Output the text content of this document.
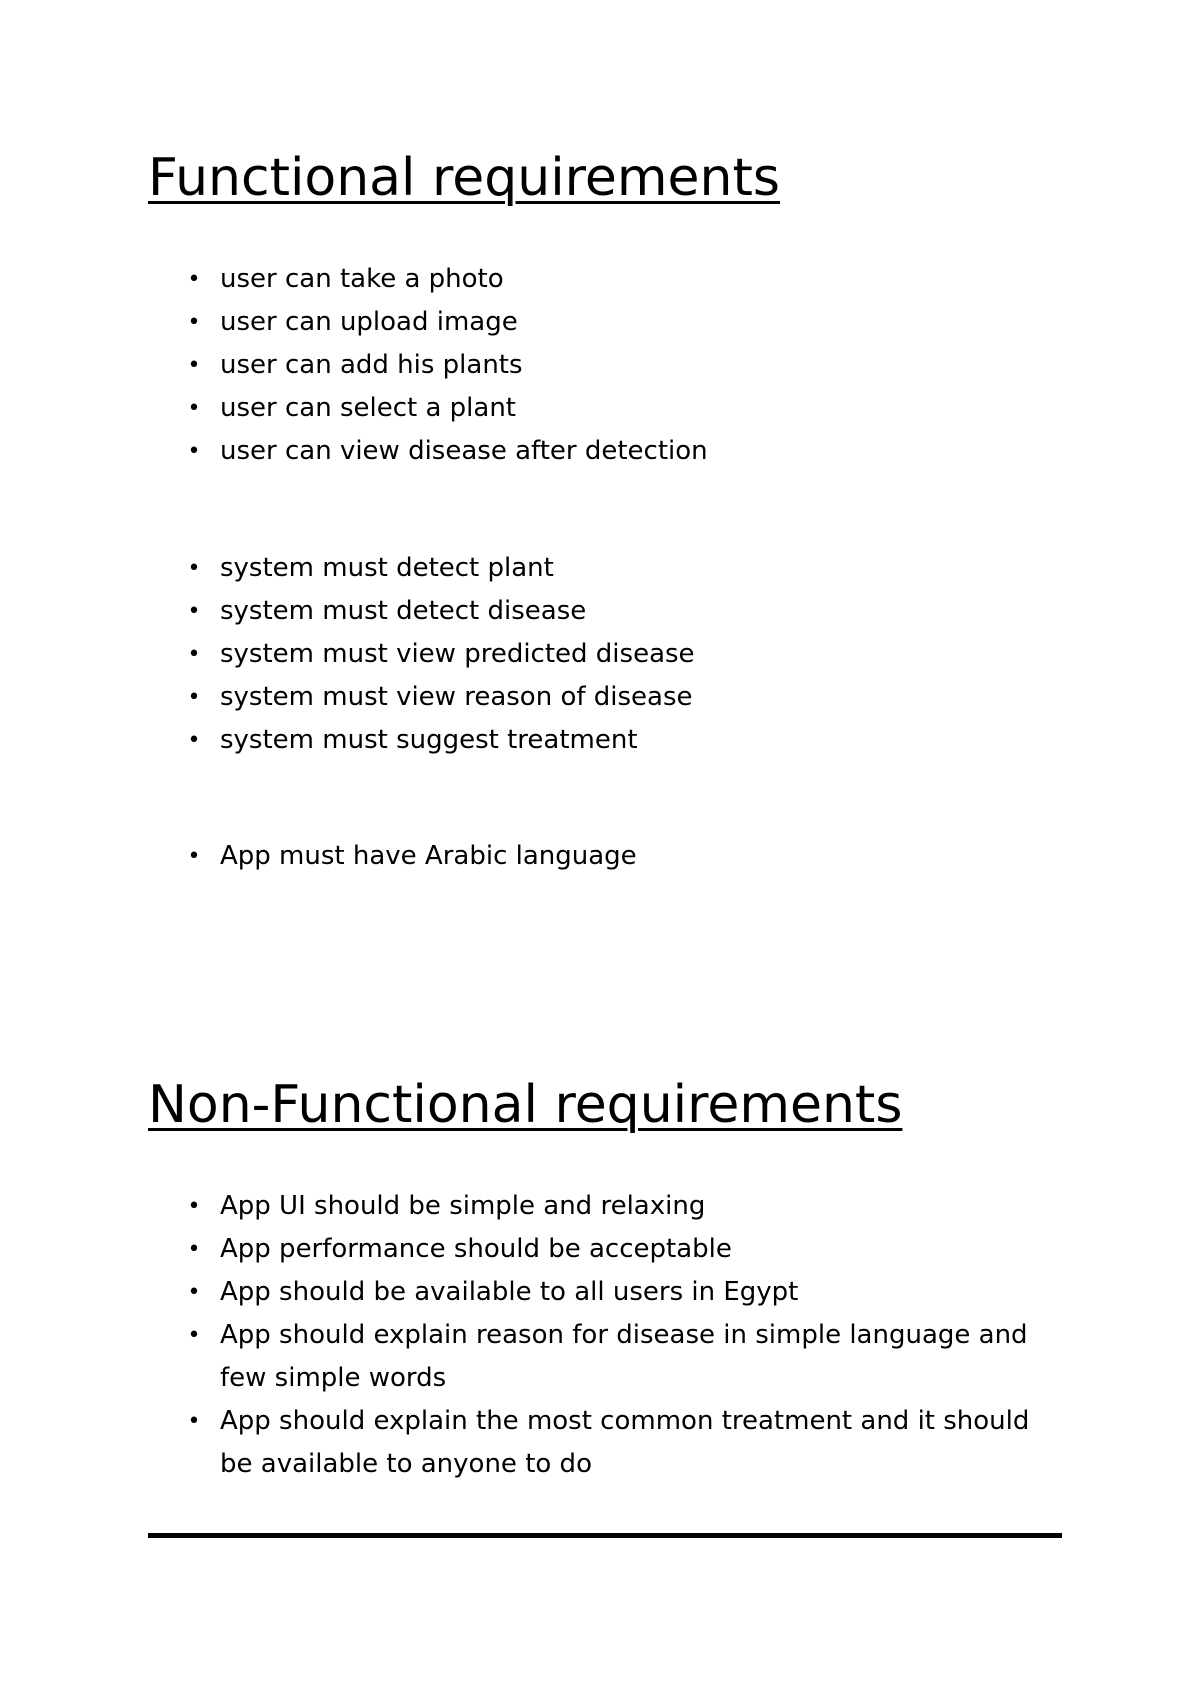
Functional requirements
• user can take a photo
• user can upload image
• user can add his plants
• user can select a plant
• user can view disease after detection
• system must detect plant
• system must detect disease
• system must view predicted disease
• system must view reason of disease
• system must suggest treatment
• App must have Arabic language
Non-Functional requirements
• App UI should be simple and relaxing
• App performance should be acceptable
• App should be available to all users in Egypt
• App should explain reason for disease in simple language and few simple words
• App should explain the most common treatment and it should be available to anyone to do
